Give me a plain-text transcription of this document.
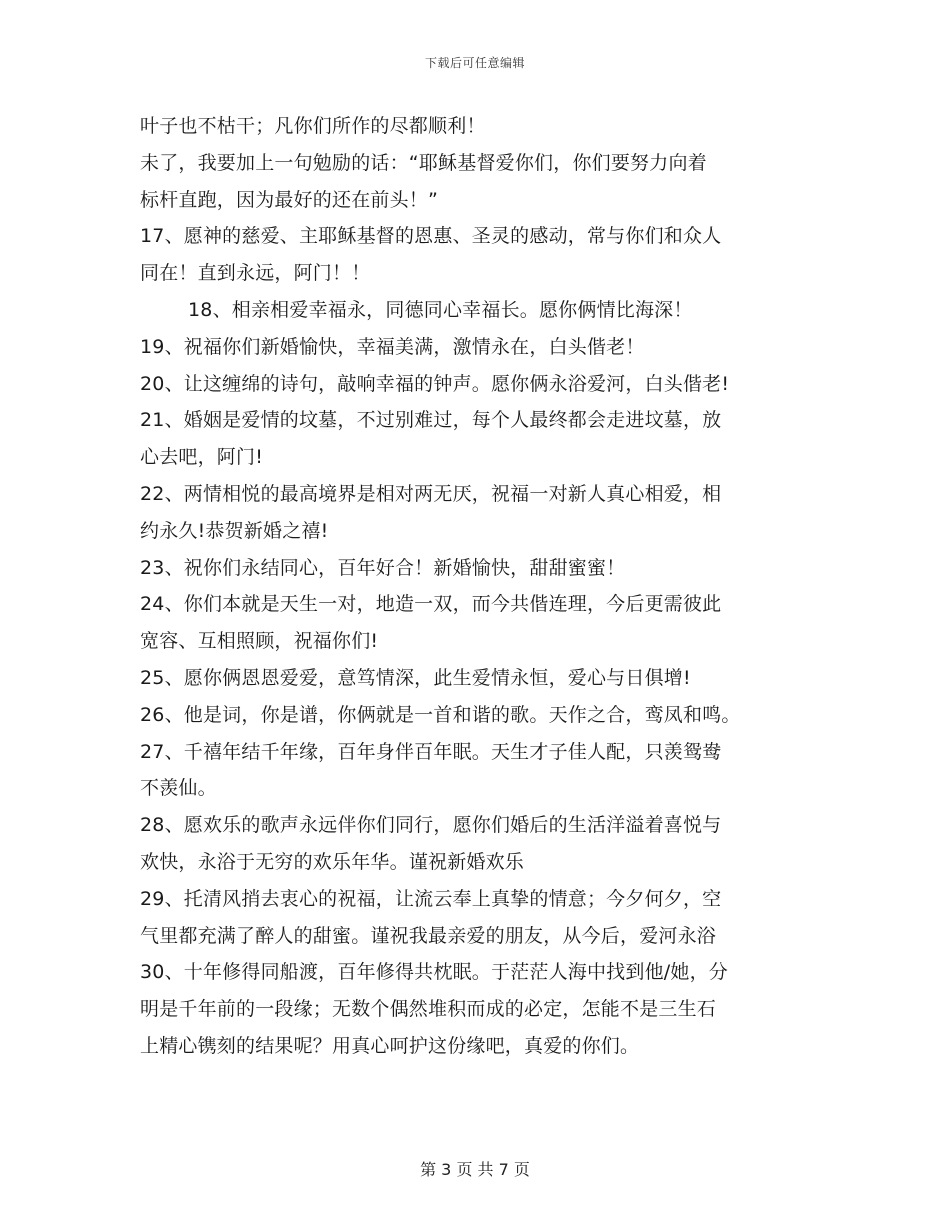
下载后可任意编辑
叶子也不枯干；凡你们所作的尽都顺利！
未了，我要加上一句勉励的话：“耶稣基督爱你们，你们要努力向着
标杆直跑，因为最好的还在前头！”
17、愿神的慈爱、主耶稣基督的恩惠、圣灵的感动，常与你们和众人
同在！直到永远，阿门！！
18、相亲相爱幸福永，同德同心幸福长。愿你俩情比海深！
19、祝福你们新婚愉快，幸福美满，激情永在，白头偕老！
20、让这缠绵的诗句，敲响幸福的钟声。愿你俩永浴爱河，白头偕老!
21、婚姻是爱情的坟墓，不过别难过，每个人最终都会走进坟墓，放
心去吧，阿门!
22、两情相悦的最高境界是相对两无厌，祝福一对新人真心相爱，相
约永久!恭贺新婚之禧!
23、祝你们永结同心，百年好合！新婚愉快，甜甜蜜蜜！
24、你们本就是天生一对，地造一双，而今共偕连理，今后更需彼此
宽容、互相照顾，祝福你们!
25、愿你俩恩恩爱爱，意笃情深，此生爱情永恒，爱心与日俱增!
26、他是词，你是谱，你俩就是一首和谐的歌。天作之合，鸾凤和鸣。
27、千禧年结千年缘，百年身伴百年眠。天生才子佳人配，只羡鸳鸯
不羡仙。
28、愿欢乐的歌声永远伴你们同行，愿你们婚后的生活洋溢着喜悦与
欢快，永浴于无穷的欢乐年华。谨祝新婚欢乐
29、托清风捎去衷心的祝福，让流云奉上真挚的情意；今夕何夕，空
气里都充满了醉人的甜蜜。谨祝我最亲爱的朋友，从今后，爱河永浴
30、十年修得同船渡，百年修得共枕眠。于茫茫人海中找到他/她，分
明是千年前的一段缘；无数个偶然堆积而成的必定，怎能不是三生石
上精心镌刻的结果呢？用真心呵护这份缘吧，真爱的你们。
第 3 页 共 7 页
